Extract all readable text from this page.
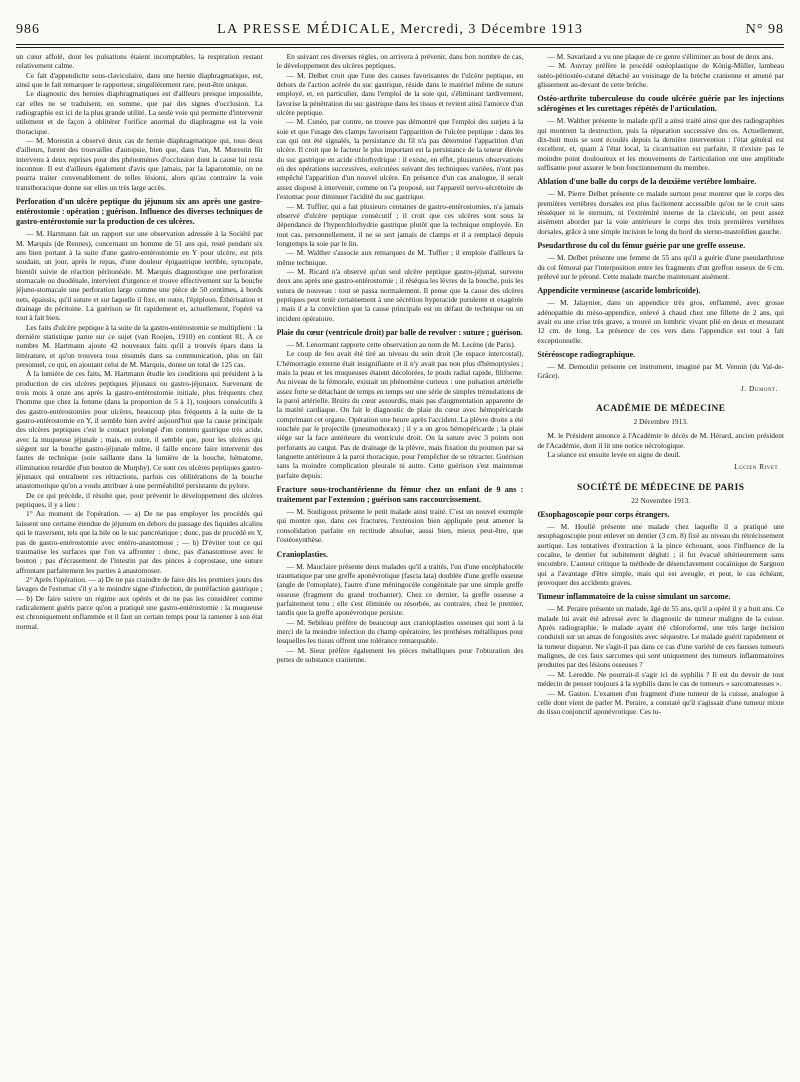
986	LA PRESSE MÉDICALE, Mercredi, 3 Décembre 1913	N° 98

un cœur affolé, dont les pulsations étaient incomptables, la respiration restant relativement calme.

Ce fait d'appendicite sous-claviculaire, dans une hernie diaphragmatique, est, ainsi que le fait remarquer le rapporteur, singulièrement rare, peut-être unique.

Le diagnostic des hernies diaphragmatiques est d'ailleurs presque impossible, car elles ne se traduisent, en somme, que par des signes d'occlusion. La radiographie est ici de la plus grande utilité. La seule voie qui permette d'intervenir utilement et de façon à oblitérer l'orifice anormal du diaphragme est la voie thoracique.

— M. Morestin a observé deux cas de hernie diaphragmatique qui, tous deux d'ailleurs, furent des trouvailles d'autopsie, bien que, dans l'un, M. Morestin fût intervenu à deux reprises pour des phénomènes d'occlusion dont la cause lui resta inconnue. Il est d'ailleurs également d'avis que jamais, par la laparotomie, on ne pourra traiter convenablement de telles lésions, alors qu'au contraire la voie transthoracique donne sur elles un très large accès.

Perforation d'un ulcère peptique du jéjunum six ans après une gastro-entérostomie : opération ; guérison. Influence des diverses techniques de gastro-entérostomie sur la production de ces ulcères.

— M. Hartmann fait un rapport sur une observation adressée à la Société par M. Marquis (de Rennes), concernant un homme de 51 ans qui, resté pendant six ans bien portant à la suite d'une gastro-entérostomie en Y pour ulcère, est pris soudain, un jour, après le repas, d'une douleur épigastrique terrible, syncopale, bientôt suivie de réaction péritonéale. M. Marquis diagnostique une perforation stomacale ou duodénale, intervient d'urgence et trouve effectivement sur la bouche jéjuno-stomacale une perforation large comme une pièce de 50 centimes, à bords nets, épaissis, qu'il suture et sur laquelle il fixe, en outre, l'épiploon. Éthérisation et drainage du péritoine. La guérison se fit rapidement et, actuellement, l'opéré va tout à fait bien.

Les faits d'ulcère peptique à la suite de la gastro-entérostomie se multiplient : la dernière statistique parue sur ce sujet (van Roojen, 1910) en contient 81. À ce nombre M. Hartmann ajoute 42 nouveaux faits qu'il a trouvés épars dans la littérature, et qu'on trouvera tous résumés dans sa communication, plus un fait personnel, ce qui, en ajoutant celui de M. Marquis, donne un total de 125 cas.

À la lumière de ces faits, M. Hartmann étudie les conditions qui président à la production de ces ulcères peptiques jéjunaux ou gastro-jéjunaux. Survenant de trois mois à onze ans après la gastro-entérostomie initiale, plus fréquents chez l'homme que chez la femme (dans la proportion de 5 à 1), toujours consécutifs à des gastro-entérostomies pour ulcères, beaucoup plus fréquents à la suite de la gastro-entérostomie en Y, il semble bien avéré aujourd'hui que la cause principale des ulcères peptiques c'est le contact prolongé d'un contenu gastrique très acide, avec la muqueuse jéjunale ; mais, en outre, il semble que, pour les ulcères qui siègent sur la bouche gastro-jéjunale même, il faille encore faire intervenir des fautes de technique (soie saillante dans la lumière de la bouche, hématome, élimination retardée d'un bouton de Murphy). Ce sont ces ulcères peptiques gastro-jéjunaux qui entraînent ces rétractions, parfois ces oblitérations de la bouche anastomotique qu'on a voulu attribuer à une perméabilité persistante du pylore.

De ce qui précède, il résulte que, pour prévenir le développement des ulcères peptiques, il y a lieu :

1° Au moment de l'opération. — a) De ne pas employer les procédés qui laissent une certaine étendue de jéjunum en dehors du passage des liquides alcalins qui le traversent, tels que la bile ou le suc pancréatique ; donc, pas de procédé en Y, pas de gastro-entérostomie avec entéro-anastomose ; — b) D'éviter tout ce qui traumatise les surfaces que l'on va affronter : donc, pas d'anastomose avec le bouton ; pas d'écrasement de l'intestin par des pinces à coprostase, une suture affrontant parfaitement les parties à anastomoser.

2° Après l'opération. — a) De ne pas craindre de faire dès les premiers jours des lavages de l'estomac s'il y a le moindre signe d'infection, de putréfaction gastrique ; — b) De faire suivre un régime aux opérés et de ne pas les considérer comme radicalement guéris parce qu'on a pratiqué une gastro-entérostomie : la muqueuse est chroniquement enflammée et il faut un certain temps pour la ramener à son état normal.

En suivant ces diverses règles, on arrivera à prévenir, dans bon nombre de cas, le développement des ulcères peptiques.

— M. Delbet croit que l'une des causes favorisantes de l'ulcère peptique, en dehors de l'action acérée du suc gastrique, réside dans le matériel même de suture employé, et, en particulier, dans l'emploi de la soie qui, s'éliminant tardivement, favorise la pénétration du suc gastrique dans les tissus et revient ainsi l'amorce d'un ulcère peptique.

— M. Cunéo, par contre, ne trouve pas démontré que l'emploi des surjets à la soie et que l'usage des clamps favorisent l'apparition de l'ulcère peptique : dans les cas qui ont été signalés, la persistance du fil n'a pas déterminé l'apparition d'un ulcère. Il croit que le facteur le plus important est la persistance de la teneur élevée du suc gastrique en acide chlorhydrique : il existe, en effet, plusieurs observations où des opérations successives, exécutées suivant des techniques variées, n'ont pas empêché l'apparition d'un nouvel ulcère. En présence d'un cas analogue, il serait assez disposé à intervenir, comme on l'a proposé, sur l'appareil nervo-sécrétoire de l'estomac pour diminuer l'acidité du suc gastrique.

— M. Tuffier, qui a fait plusieurs centaines de gastro-entérostomies, n'a jamais observé d'ulcère peptique consécutif ; il croit que ces ulcères sont sous la dépendance de l'hyperchlorhydrie gastrique plutôt que la technique employée. En tout cas, personnellement, il ne se sert jamais de clamps et il a remplacé depuis longtemps la soie par le lin.

— M. Walther s'associe aux remarques de M. Tuffier ; il emploie d'ailleurs la même technique.

— M. Ricard n'a observé qu'un seul ulcère peptique gastro-jéjunal, survenu deux ans après une gastro-entérostomie ; il réséqua les lèvres de la bouche, puis les sutura de nouveau : tout se passa normalement. Il pense que la cause des ulcères peptiques peut tenir certainement à une sécrétion hyperacide purulente et exagérée ; mais il a la conviction que la cause principale est un défaut de technique ou un incident opératoire.

Plaie du cœur (ventricule droit) par balle de revolver : suture ; guérison.

— M. Lenormant rapporte cette observation au nom de M. Lecène (de Paris).

Le coup de feu avait été tiré au niveau du sein droit (3e espace intercostal). L'hémorragie externe était insignifiante et il n'y avait pas non plus d'hémoptysies ; mais la peau et les muqueuses étaient décolorées, le pouls radial rapide, filiforme. Au niveau de la fémorale, existait un phénomène curieux : une pulsation artérielle assez forte se détachant de temps en temps sur une série de simples trémulations de la paroi artérielle. Bruits du cœur assourdis, mais pas d'augmentation apparente de la matité cardiaque. On fait le diagnostic de plaie du cœur avec hémopéricarde comprimant cet organe. Opération une heure après l'accident. La plèvre droite a été touchée par le projectile (pneumothorax) ; il y a un gros hémopéricarde ; la plaie siège sur la face antérieure du ventricule droit. On la suture avec 3 points non perforants au catgut. Pas de drainage de la plèvre, mais fixation du poumon par sa languette antérieure à la paroi thoracique, pour l'empêcher de se rétracter. Guérison sans la moindre complication pleurale ni autre. Cette guérison s'est maintenue parfaite depuis.

Fracture sous-trochantérienne du fémur chez un enfant de 9 ans : traitement par l'extension ; guérison sans raccourcissement.

— M. Souligoux présente le petit malade ainsi traité. C'est un nouvel exemple qui montre que, dans ces fractures, l'extension bien appliquée peut amener la consolidation parfaite en rectitude absolue, aussi bien, mieux peut-être, que l'ostéosynthèse.

Cranioplasties.

— M. Mauclaire présente deux malades qu'il a traités, l'un d'une encéphalocèle traumatique par une greffe aponévrotique (fascia lata) doublée d'une greffe osseuse (angle de l'omoplate), l'autre d'une méningocèle congénitale par une simple greffe osseuse (fragment du grand trochanter). Chez ce dernier, la greffe osseuse a parfaitement tenu ; elle s'est éliminée ou résorbée, au contraire, chez le premier, tandis que la greffe aponévrotique persiste.

— M. Sebileau préfère de beaucoup aux cranioplasties osseuses qui sont à la merci de la moindre infection du champ opératoire, les prothèses métalliques pour lesquelles les tissus offrent une tolérance remarquable.

— M. Sieur préfère également les pièces métalliques pour l'obturation des pertes de substance cranienne.

— M. Savariaud a vu une plaque de ce genre s'éliminer au bout de deux ans.

— M. Auvray préfère le procédé ostéoplastique de König-Müller, lambeau ostéo-périostéo-cutané détaché au voisinage de la brèche cranienne et amené par glissement au-devant de cette brèche.

Ostéo-arthrite tuberculeuse du coude ulcérée guérie par les injections sclérogènes et les curettages répétés de l'articulation.

— M. Walther présente le malade qu'il a ainsi traité ainsi que des radiographies qui montrent la destruction, puis la réparation successive des os. Actuellement, dix-huit mois se sont écoulés depuis la dernière intervention : l'état général est excellent, et, quant à l'état local, la cicatrisation est parfaite, il n'existe pas le moindre point douloureux et les mouvements de l'articulation ont une amplitude suffisante pour assurer le bon fonctionnement du membre.

Ablation d'une balle du corps de la deuxième vertèbre lombaire.

— M. Pierre Delbet présente ce malade surtout pour montrer que le corps des premières vertèbres dorsales est plus facilement accessible qu'on ne le croit sans résséquer ni le sternum, ni l'extrémité interne de la clavicule, on peut assez aisément aborder par la voie antérieure le corps des trois premières vertèbres dorsales, grâce à une simple incision le long du bord du sterno-mastoïdien gauche.

Pseudarthrose du col du fémur guérie par une greffe osseuse.

— M. Delbet présente une femme de 55 ans qu'il a guérie d'une pseudarthrose du col fémoral par l'interposition entre les fragments d'un greffon osseux de 6 cm. prélevé sur le péroné. Cette malade marche maintenant aisément.

Appendicite vermineuse (ascaride lombricoïde).

— M. Jalaynier, dans un appendice très gros, enflammé, avec grosse adénopathie du méso-appendice, enlevé à chaud chez une fillette de 2 ans, qui avait eu une crise très grave, a trouvé un lombric vivant plié en deux et mesurant 12 cm. de long. La présence de ces vers dans l'appendice est tout à fait exceptionnelle.

Stéréoscope radiographique.

— M. Demoulin présente cet instrument, imaginé par M. Vennin (du Val-de-Grâce).

J. Dumont.
ACADÉMIE DE MÉDECINE
2 Décembre 1913.

M. le Président annonce à l'Académie le décès de M. Hérard, ancien président de l'Académie, dont il lit une notice nécrologique.

La séance est ensuite levée en signe de deuil.

Lucien Rivet
SOCIÉTÉ DE MÉDECINE DE PARIS
22 Novembre 1913.
Œsophagoscopie pour corps étrangers.

— M. Houlié présente une malade chez laquelle il a pratiqué une œsophagoscopie pour enlever un dentier (3 cm. 8) fixé au niveau du rétrécissement aortique. Les tentatives d'extraction à la pince échouant, sous l'influence de la cocaïne, le dentier fut subitement dégluti ; il fut évacué ultérieurement sans encombre. L'auteur critique la méthode de désenclavement cocaïnique de Sargnon qui a l'avantage d'être simple, mais qui est aveugle, et peut, le cas échéant, provoquer des accidents graves.

Tumeur inflammatoire de la cuisse simulant un sarcome.

— M. Peraire présente un malade, âgé de 55 ans, qu'il a opéré il y a huit ans. Ce malade lui avait été adressé avec le diagnostic de tumeur maligne de la cuisse. Après radiographie, le malade ayant été chloroformé, une très large incision conduisit sur un amas de fongosités avec séquestre. Le malade guérit rapidement et la tumeur disparut. Ne s'agit-il pas dans ce cas d'une variété de ces fausses tumeurs malignes, de ces faux sarcomes qui sont uniquement des tumeurs inflammatoires produites par des lésions osseuses ?

— M. Leredde. Ne pourrait-il s'agir ici de syphilis ? Il est du devoir de tout médecin de penser toujours à la syphilis dans le cas de tumeurs « sarcomateuses ».

— M. Gaston. L'examen d'un fragment d'une tumeur de la cuisse, analogue à celle dont vient de parler M. Peraire, a constaté qu'il s'agissait d'une tumeur mixte du tissu conjonctif aponévrotique. Ces tu-
